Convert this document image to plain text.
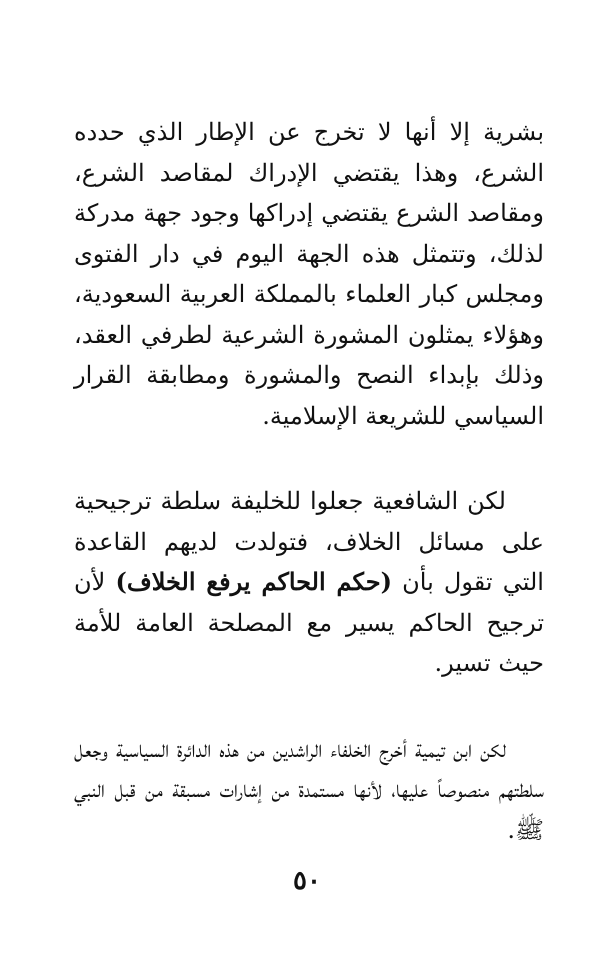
بشرية إلا أنها لا تخرج عن الإطار الذي حدده الشرع، وهذا يقتضي الإدراك لمقاصد الشرع، ومقاصد الشرع يقتضي إدراكها وجود جهة مدركة لذلك، وتتمثل هذه الجهة اليوم في دار الفتوى ومجلس كبار العلماء بالمملكة العربية السعودية، وهؤلاء يمثلون المشورة الشرعية لطرفي العقد، وذلك بإبداء النصح والمشورة ومطابقة القرار السياسي للشريعة الإسلامية.

لكن الشافعية جعلوا للخليفة سلطة ترجيحية على مسائل الخلاف، فتولدت لديهم القاعدة التي تقول بأن (حكم الحاكم يرفع الخلاف) لأن ترجيح الحاكم يسير مع المصلحة العامة للأمة حيث تسير.

لكن ابن تيمية أخرج الخلفاء الراشدين من هذه الدائرة السياسية وجعل سلطتهم منصوصاً عليها، لأنها مستمدة من إشارات مسبقة من قبل النبي ﷺ.

٥٠
